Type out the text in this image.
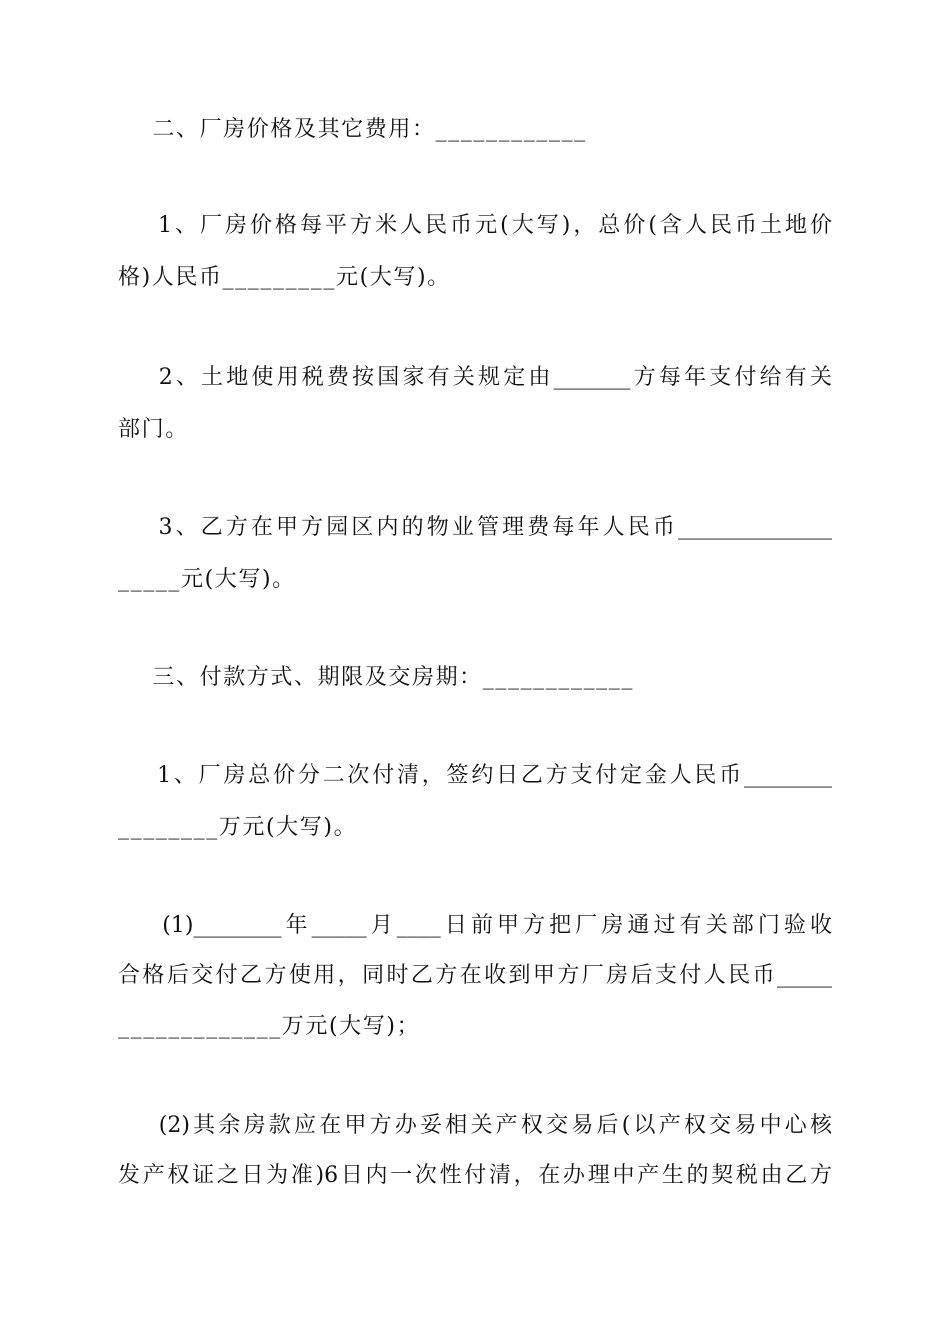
二、厂房价格及其它费用：____________
1、厂房价格每平方米人民币元(大写)，总价(含人民币土地价
格)人民币_________元(大写)。
2、土地使用税费按国家有关规定由_______方每年支付给有关
部门。
3、乙方在甲方园区内的物业管理费每年人民币______________
_____元(大写)。
三、付款方式、期限及交房期：____________
1、厂房总价分二次付清，签约日乙方支付定金人民币________
________万元(大写)。
(1)________年_____月____日前甲方把厂房通过有关部门验收
合格后交付乙方使用，同时乙方在收到甲方厂房后支付人民币_____
_____________万元(大写)；
(2)其余房款应在甲方办妥相关产权交易后(以产权交易中心核
发产权证之日为准)6日内一次性付清，在办理中产生的契税由乙方
